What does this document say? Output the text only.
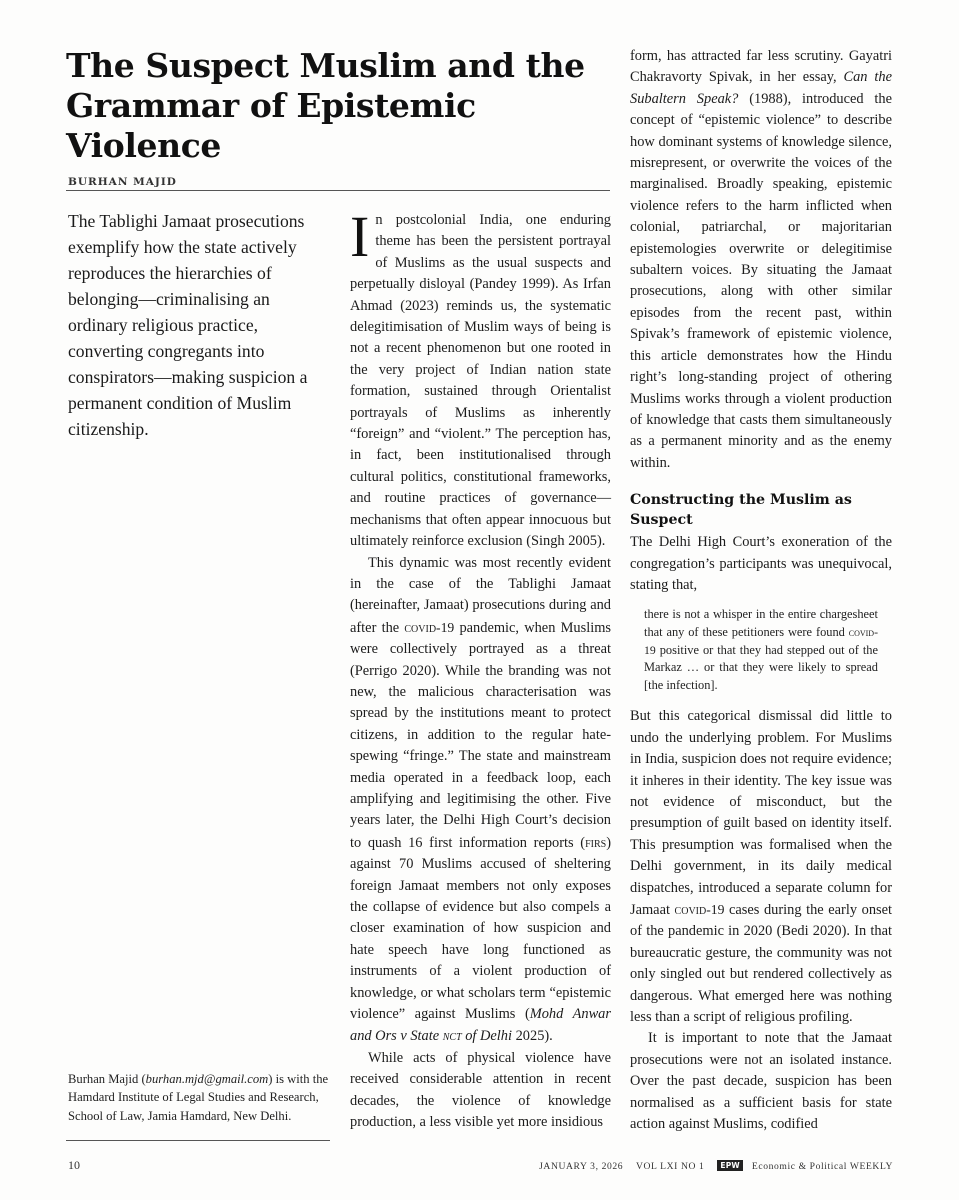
The Suspect Muslim and the Grammar of Epistemic Violence
BURHAN MAJID
The Tablighi Jamaat prosecutions exemplify how the state actively reproduces the hierarchies of belonging—criminalising an ordinary religious practice, converting congregants into conspirators—making suspicion a permanent condition of Muslim citizenship.
Burhan Majid (burhan.mjd@gmail.com) is with the Hamdard Institute of Legal Studies and Research, School of Law, Jamia Hamdard, New Delhi.

In postcolonial India, one enduring theme has been the persistent portrayal of Muslims as the usual suspects and perpetually disloyal (Pandey 1999). As Irfan Ahmad (2023) reminds us, the systematic delegitimisation of Muslim ways of being is not a recent phenomenon but one rooted in the very project of Indian nation state formation, sustained through Orientalist portrayals of Muslims as inherently “foreign” and “violent.” The perception has, in fact, been institutionalised through cultural politics, constitutional frameworks, and routine practices of governance—mechanisms that often appear innocuous but ultimately reinforce exclusion (Singh 2005).

This dynamic was most recently evident in the case of the Tablighi Jamaat (hereinafter, Jamaat) prosecutions during and after the covid-19 pandemic, when Muslims were collectively portrayed as a threat (Perrigo 2020). While the branding was not new, the malicious characterisation was spread by the institutions meant to protect citizens, in addition to the regular hate-spewing “fringe.” The state and mainstream media operated in a feedback loop, each amplifying and legitimising the other. Five years later, the Delhi High Court’s decision to quash 16 first information reports (firs) against 70 Muslims accused of sheltering foreign Jamaat members not only exposes the collapse of evidence but also compels a closer examination of how suspicion and hate speech have long functioned as instruments of a violent production of knowledge, or what scholars term “epistemic violence” against Muslims (Mohd Anwar and Ors v State nct of Delhi 2025).

While acts of physical violence have received considerable attention in recent decades, the violence of knowledge production, a less visible yet more insidious

form, has attracted far less scrutiny. Gayatri Chakravorty Spivak, in her essay, Can the Subaltern Speak? (1988), introduced the concept of “epistemic violence” to describe how dominant systems of knowledge silence, misrepresent, or overwrite the voices of the marginalised. Broadly speaking, epistemic violence refers to the harm inflicted when colonial, patriarchal, or majoritarian epistemologies overwrite or delegitimise subaltern voices. By situating the Jamaat prosecutions, along with other similar episodes from the recent past, within Spivak’s framework of epistemic violence, this article demonstrates how the Hindu right’s long-standing project of othering Muslims works through a violent production of knowledge that casts them simultaneously as a permanent minority and as the enemy within.

Constructing the Muslim as Suspect

The Delhi High Court’s exoneration of the congregation’s participants was unequivocal, stating that,

there is not a whisper in the entire chargesheet that any of these petitioners were found covid-19 positive or that they had stepped out of the Markaz … or that they were likely to spread [the infection].

But this categorical dismissal did little to undo the underlying problem. For Muslims in India, suspicion does not require evidence; it inheres in their identity. The key issue was not evidence of misconduct, but the presumption of guilt based on identity itself. This presumption was formalised when the Delhi government, in its daily medical dispatches, introduced a separate column for Jamaat covid-19 cases during the early onset of the pandemic in 2020 (Bedi 2020). In that bureaucratic gesture, the community was not only singled out but rendered collectively as dangerous. What emerged here was nothing less than a script of religious profiling.

It is important to note that the Jamaat prosecutions were not an isolated instance. Over the past decade, suspicion has been normalised as a sufficient basis for state action against Muslims, codified

10	JANUARY 3, 2026 VOL LXI NO 1 EPW Economic & Political WEEKLY
